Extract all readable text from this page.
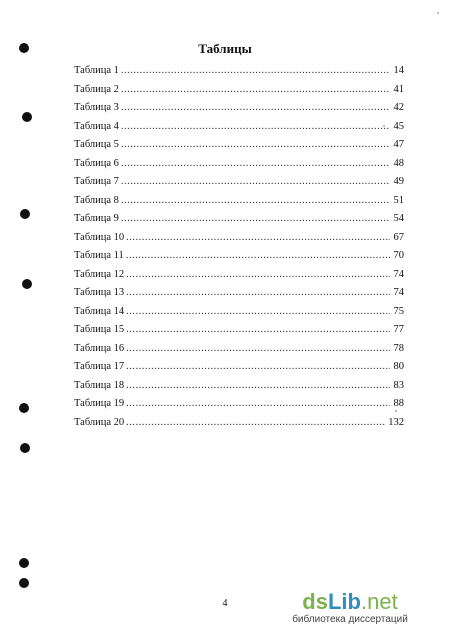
Таблицы
Таблица 1 .....	14
Таблица 2 .....	41
Таблица 3 .....	42
Таблица 4 .....	45
Таблица 5 .....	47
Таблица 6 .....	48
Таблица 7 .....	49
Таблица 8 .....	51
Таблица 9 .....	54
Таблица 10 .....	67
Таблица 11 .....	70
Таблица 12 .....	74
Таблица 13 .....	74
Таблица 14 .....	75
Таблица 15 .....	77
Таблица 16 .....	78
Таблица 17 .....	80
Таблица 18 .....	83
Таблица 19 .....	88
Таблица 20 .....	132
4	dsLib.net
библиотека диссертаций
